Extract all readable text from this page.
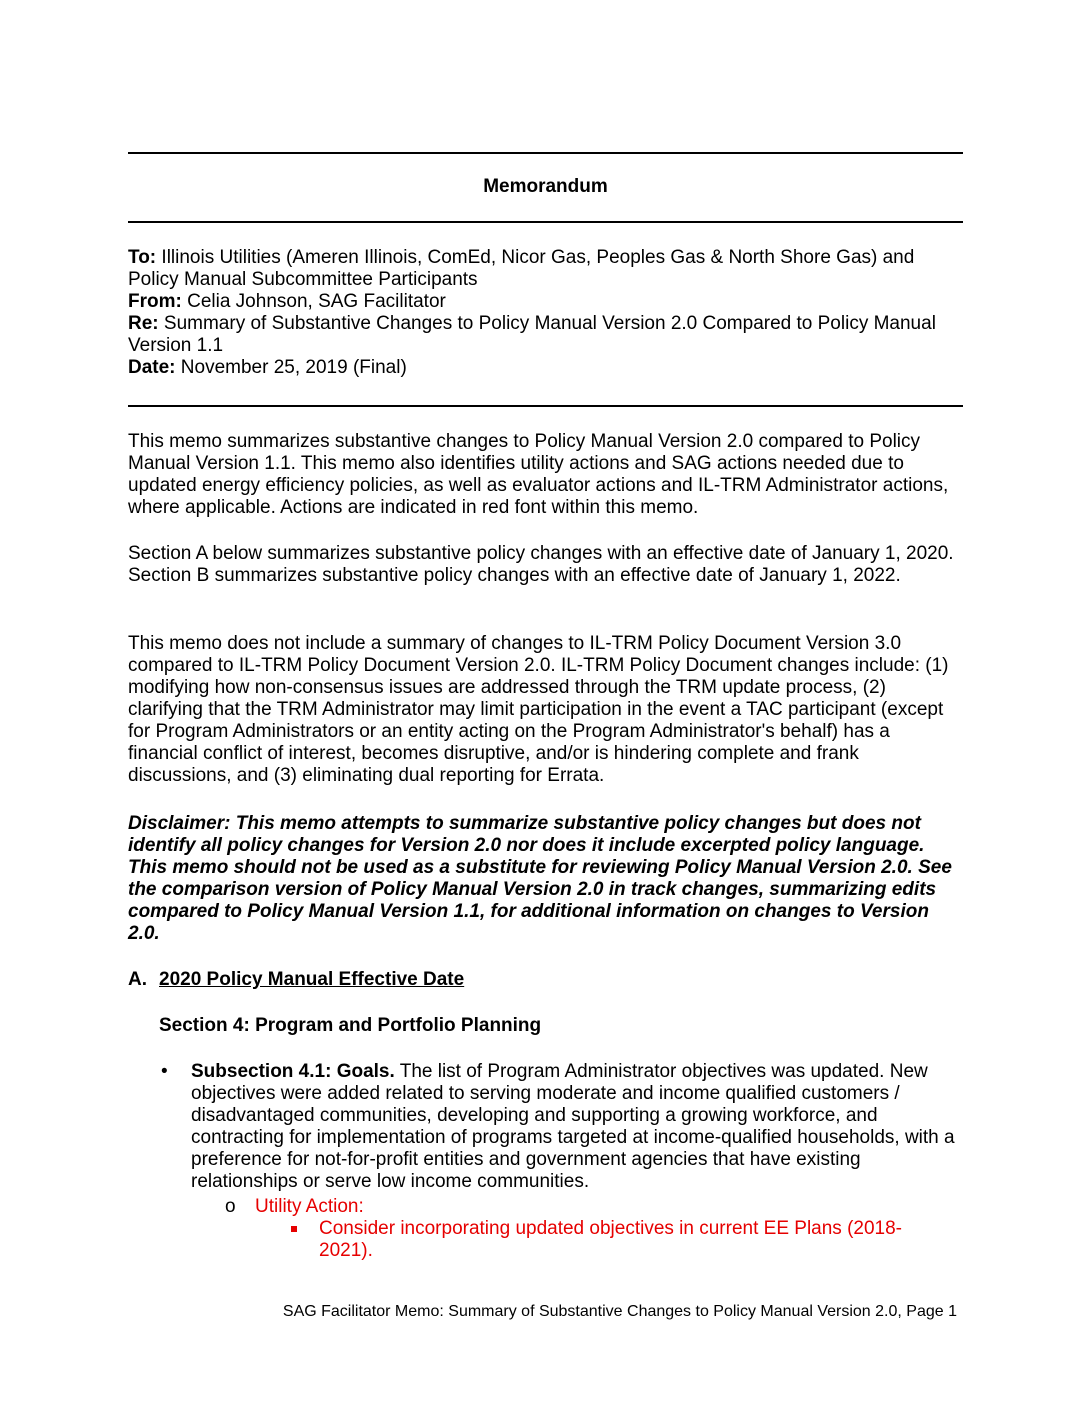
Memorandum

To: Illinois Utilities (Ameren Illinois, ComEd, Nicor Gas, Peoples Gas & North Shore Gas) and Policy Manual Subcommittee Participants

From: Celia Johnson, SAG Facilitator

Re: Summary of Substantive Changes to Policy Manual Version 2.0 Compared to Policy Manual Version 1.1

Date: November 25, 2019 (Final)

This memo summarizes substantive changes to Policy Manual Version 2.0 compared to Policy Manual Version 1.1. This memo also identifies utility actions and SAG actions needed due to updated energy efficiency policies, as well as evaluator actions and IL-TRM Administrator actions, where applicable. Actions are indicated in red font within this memo.

Section A below summarizes substantive policy changes with an effective date of January 1, 2020. Section B summarizes substantive policy changes with an effective date of January 1, 2022.

This memo does not include a summary of changes to IL-TRM Policy Document Version 3.0 compared to IL-TRM Policy Document Version 2.0. IL-TRM Policy Document changes include: (1) modifying how non-consensus issues are addressed through the TRM update process, (2) clarifying that the TRM Administrator may limit participation in the event a TAC participant (except for Program Administrators or an entity acting on the Program Administrator's behalf) has a financial conflict of interest, becomes disruptive, and/or is hindering complete and frank discussions, and (3) eliminating dual reporting for Errata.

Disclaimer: This memo attempts to summarize substantive policy changes but does not identify all policy changes for Version 2.0 nor does it include excerpted policy language. This memo should not be used as a substitute for reviewing Policy Manual Version 2.0. See the comparison version of Policy Manual Version 2.0 in track changes, summarizing edits compared to Policy Manual Version 1.1, for additional information on changes to Version 2.0.

A. 2020 Policy Manual Effective Date
Section 4: Program and Portfolio Planning
• Subsection 4.1: Goals. The list of Program Administrator objectives was updated. New objectives were added related to serving moderate and income qualified customers / disadvantaged communities, developing and supporting a growing workforce, and contracting for implementation of programs targeted at income-qualified households, with a preference for not-for-profit entities and government agencies that have existing relationships or serve low income communities.

o Utility Action:

Consider incorporating updated objectives in current EE Plans (2018-2021).

SAG Facilitator Memo: Summary of Substantive Changes to Policy Manual Version 2.0, Page 1
